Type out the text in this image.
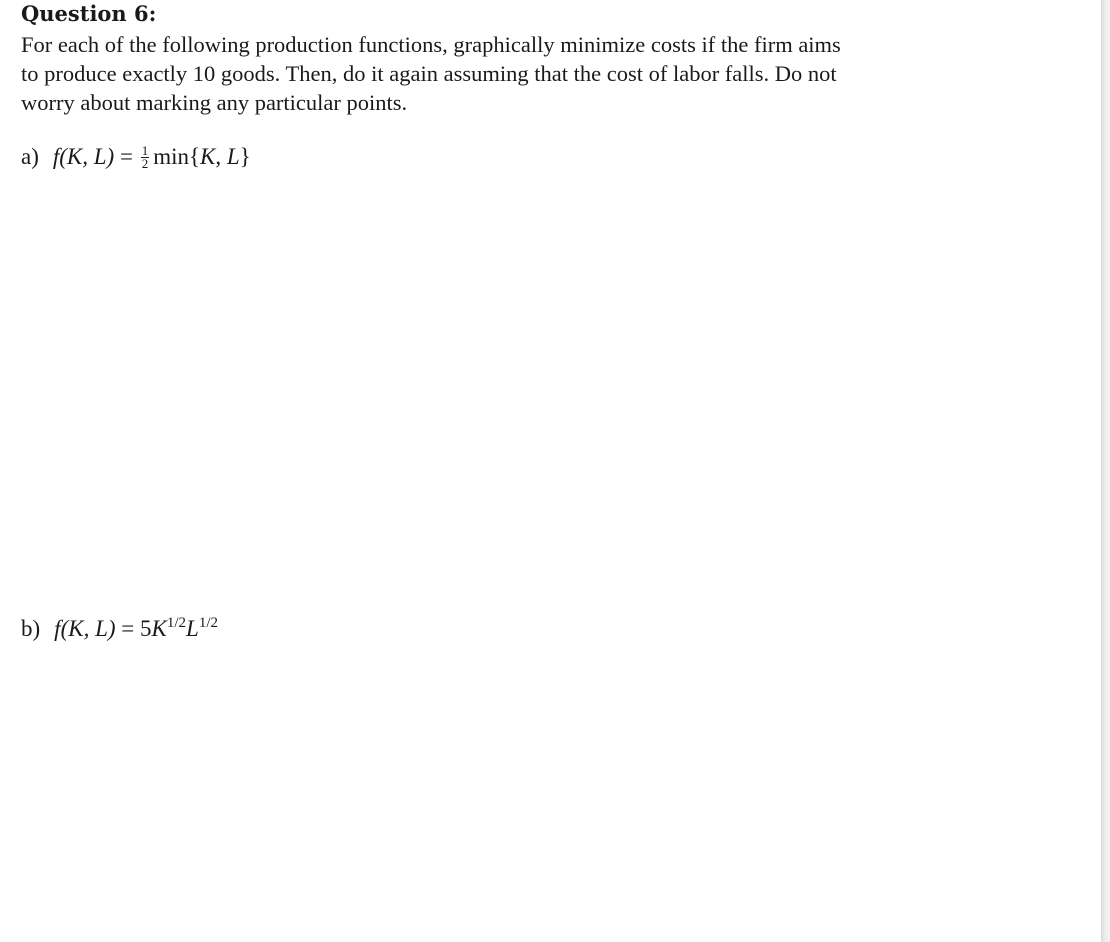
Question 6:

For each of the following production functions, graphically minimize costs if the firm aims
to produce exactly 10 goods. Then, do it again assuming that the cost of labor falls. Do not
worry about marking any particular points.

a) f(K, $L) = \frac{1}{2} \min\{K$, L}
b) f(K, $L) = 5K^{1/2}L^{1/2}$
